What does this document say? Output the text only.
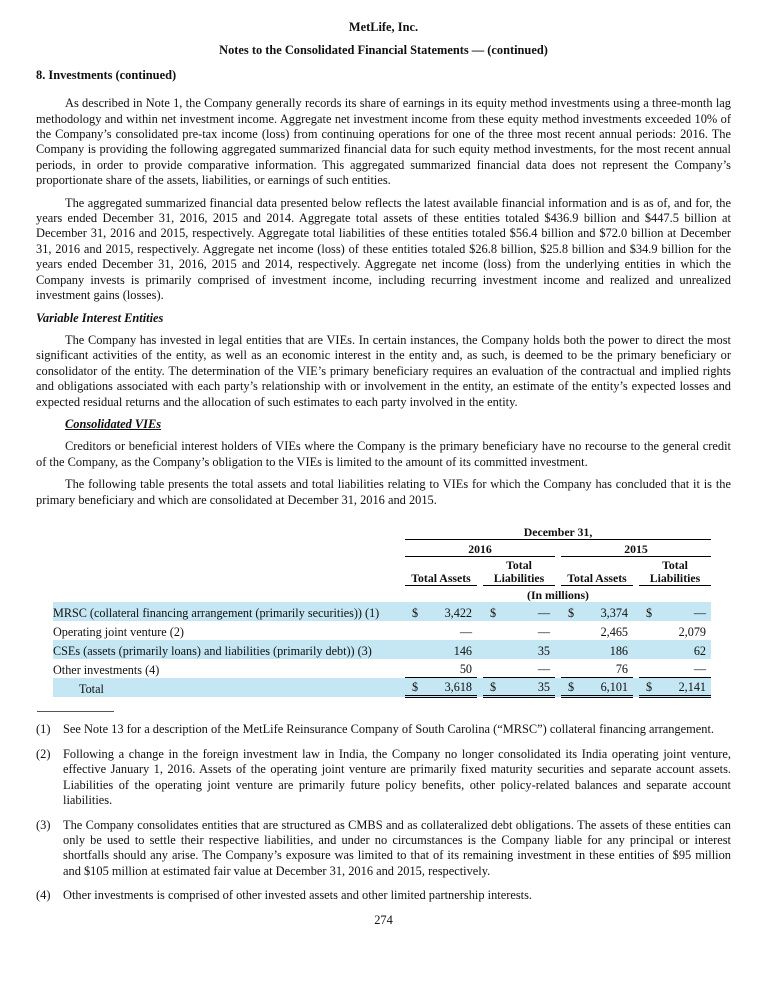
MetLife, Inc.
Notes to the Consolidated Financial Statements — (continued)
8. Investments (continued)

As described in Note 1, the Company generally records its share of earnings in its equity method investments using a three-month lag methodology and within net investment income. Aggregate net investment income from these equity method investments exceeded 10% of the Company’s consolidated pre-tax income (loss) from continuing operations for one of the three most recent annual periods: 2016. The Company is providing the following aggregated summarized financial data for such equity method investments, for the most recent annual periods, in order to provide comparative information. This aggregated summarized financial data does not represent the Company’s proportionate share of the assets, liabilities, or earnings of such entities.

The aggregated summarized financial data presented below reflects the latest available financial information and is as of, and for, the years ended December 31, 2016, 2015 and 2014. Aggregate total assets of these entities totaled $436.9 billion and $447.5 billion at December 31, 2016 and 2015, respectively. Aggregate total liabilities of these entities totaled $56.4 billion and $72.0 billion at December 31, 2016 and 2015, respectively. Aggregate net income (loss) of these entities totaled $26.8 billion, $25.8 billion and $34.9 billion for the years ended December 31, 2016, 2015 and 2014, respectively. Aggregate net income (loss) from the underlying entities in which the Company invests is primarily comprised of investment income, including recurring investment income and realized and unrealized investment gains (losses).

Variable Interest Entities

The Company has invested in legal entities that are VIEs. In certain instances, the Company holds both the power to direct the most significant activities of the entity, as well as an economic interest in the entity and, as such, is deemed to be the primary beneficiary or consolidator of the entity. The determination of the VIE’s primary beneficiary requires an evaluation of the contractual and implied rights and obligations associated with each party’s relationship with or involvement in the entity, an estimate of the entity’s expected losses and expected residual returns and the allocation of such estimates to each party involved in the entity.

Consolidated VIEs

Creditors or beneficial interest holders of VIEs where the Company is the primary beneficiary have no recourse to the general credit of the Company, as the Company’s obligation to the VIEs is limited to the amount of its committed investment.

The following table presents the total assets and total liabilities relating to VIEs for which the Company has concluded that it is the primary beneficiary and which are consolidated at December 31, 2016 and 2015.

	December 31,						
	2016				2015		
	Total Assets		Total Liabilities		Total Assets		Total Liabilities
	(In millions)						
MRSC (collateral financing arrangement (primarily securities)) (1)	$ 3,422		$ —		$ 3,374		$ —

Operating joint venture (2)	—		—		2,465		2,079

CSEs (assets (primarily loans) and liabilities (primarily debt)) (3)	146		35		186		62

Other investments (4)	50		—		76		—

Total	$ 3,618		$ 35		$ 6,101		$ 2,141
(1)	See Note 13 for a description of the MetLife Reinsurance Company of South Carolina (“MRSC”) collateral financing arrangement.
(2)	Following a change in the foreign investment law in India, the Company no longer consolidated its India operating joint venture, effective January 1, 2016. Assets of the operating joint venture are primarily fixed maturity securities and separate account assets. Liabilities of the operating joint venture are primarily future policy benefits, other policy-related balances and separate account liabilities.
(3)	The Company consolidates entities that are structured as CMBS and as collateralized debt obligations. The assets of these entities can only be used to settle their respective liabilities, and under no circumstances is the Company liable for any principal or interest shortfalls should any arise. The Company’s exposure was limited to that of its remaining investment in these entities of $95 million and $105 million at estimated fair value at December 31, 2016 and 2015, respectively.
(4)	Other investments is comprised of other invested assets and other limited partnership interests.
274
